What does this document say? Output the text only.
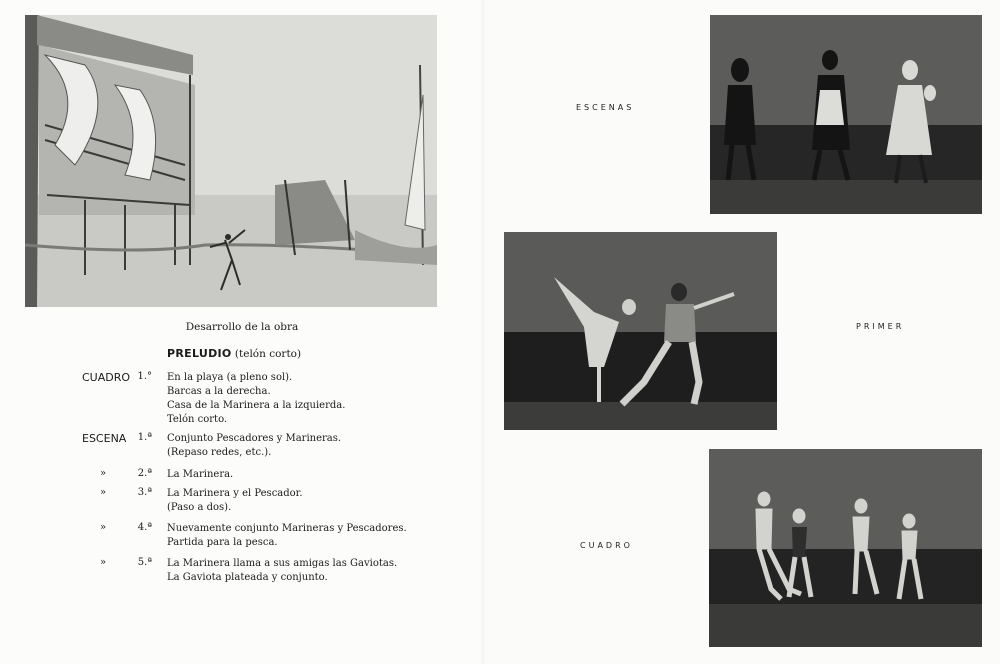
Desarrollo de la obra
PRELUDIO (telón corto)
CUADRO 1.° En la playa (a pleno sol).
Barcas a la derecha.
Casa de la Marinera a la izquierda.
Telón corto.
ESCENA 1.ª Conjunto Pescadores y Marineras.
(Repaso redes, etc.).
»	2.ª La Marinera.
»	3.ª La Marinera y el Pescador.
(Paso a dos).
»	4.ª Nuevamente conjunto Marineras y Pescadores.
Partida para la pesca.
»	5.ª La Marinera llama a sus amigas las Gaviotas.
La Gaviota plateada y conjunto.
ESCENAS
PRIMER
CUADRO
